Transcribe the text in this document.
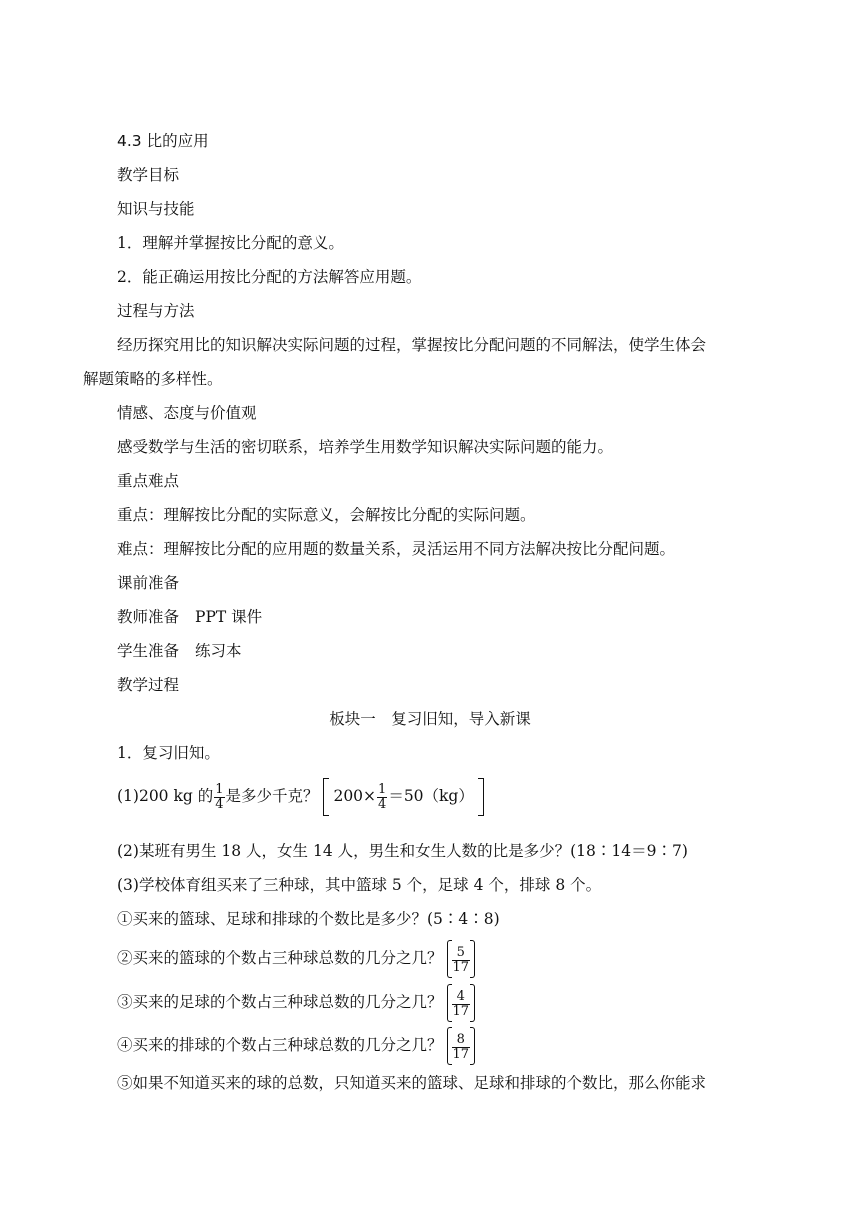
4.3 比的应用
教学目标
知识与技能
1．理解并掌握按比分配的意义。
2．能正确运用按比分配的方法解答应用题。
过程与方法
经历探究用比的知识解决实际问题的过程，掌握按比分配问题的不同解法，使学生体会
解题策略的多样性。
情感、态度与价值观
感受数学与生活的密切联系，培养学生用数学知识解决实际问题的能力。
重点难点
重点：理解按比分配的实际意义，会解按比分配的实际问题。
难点：理解按比分配的应用题的数量关系，灵活运用不同方法解决按比分配问题。
课前准备
教师准备 PPT 课件
学生准备 练习本
教学过程
板块一　复习旧知，导入新课
1．复习旧知。
(1)200 kg 的 $\frac{1}{4}$ 是多少千克？ $200\times \frac{1}{4} =50(kg)$
(2)某班有男生 18 人，女生 14 人，男生和女生人数的比是多少？(18∶14＝9∶7)
(3)学校体育组买来了三种球，其中篮球 5 个，足球 4 个，排球 8 个。
①买来的篮球、足球和排球的个数比是多少？(5∶4∶8)
②买来的篮球的个数占三种球总数的几分之几？ $\frac{5}{17}$
③买来的足球的个数占三种球总数的几分之几？ $\frac{4}{17}$
④买来的排球的个数占三种球总数的几分之几？ $\frac{8}{17}$
⑤如果不知道买来的球的总数，只知道买来的篮球、足球和排球的个数比，那么你能求
